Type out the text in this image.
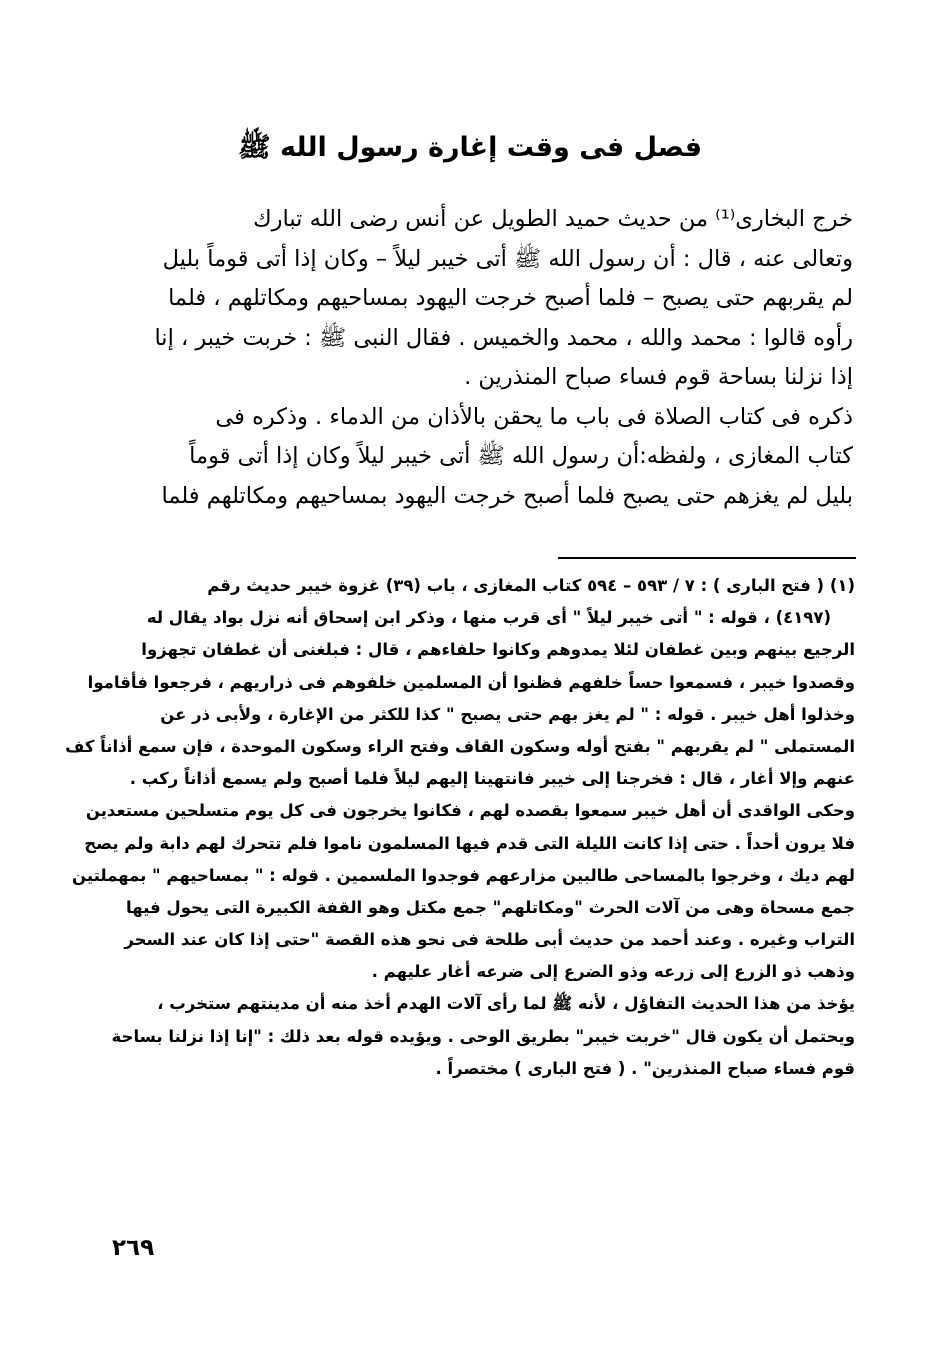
فصل فى وقت إغارة رسول الله ﷺ
خرج البخارى⁽¹⁾ من حديث حميد الطويل عن أنس رضى الله تبارك
وتعالى عنه ، قال : أن رسول الله ﷺ أتى خيبر ليلاً – وكان إذا أتى قوماً بليل
لم يقربهم حتى يصبح – فلما أصبح خرجت اليهود بمساحيهم ومكاتلهم ، فلما
رأوه قالوا : محمد والله ، محمد والخميس . فقال النبى ﷺ : خربت خيبر ، إنا
إذا نزلنا بساحة قوم فساء صباح المنذرين .
ذكره فى كتاب الصلاة فى باب ما يحقن بالأذان من الدماء . وذكره فى
كتاب المغازى ، ولفظه:أن رسول الله ﷺ أتى خيبر ليلاً وكان إذا أتى قوماً
بليل لم يغزهم حتى يصبح فلما أصبح خرجت اليهود بمساحيهم ومكاتلهم فلما
(١) ( فتح البارى ) : ٧ / ٥٩٣ – ٥٩٤ كتاب المغازى ، باب (٣٩) غزوة خيبر حديث رقم
(٤١٩٧) ، قوله : " أتى خيبر ليلاً " أى قرب منها ، وذكر ابن إسحاق أنه نزل بواد يقال له
الرجيع بينهم وبين غطفان لئلا يمدوهم وكانوا حلفاءهم ، قال : فبلغنى أن غطفان تجهزوا
وقصدوا خيبر ، فسمعوا حساً خلفهم فظنوا أن المسلمين خلفوهم فى ذراريهم ، فرجعوا فأقاموا
وخذلوا أهل خيبر . قوله : " لم يغز بهم حتى يصبح " كذا للكثر من الإغارة ، ولأبى ذر عن
المستملى " لم يقربهم " بفتح أوله وسكون القاف وفتح الراء وسكون الموحدة ، فإن سمع أذاناً كف
عنهم وإلا أغار ، قال : فخرجنا إلى خيبر فانتهينا إليهم ليلاً فلما أصبح ولم يسمع أذاناً ركب .
وحكى الواقدى أن أهل خيبر سمعوا بقصده لهم ، فكانوا يخرجون فى كل يوم متسلحين مستعدين
فلا يرون أحداً . حتى إذا كانت الليلة التى قدم فيها المسلمون ناموا فلم تتحرك لهم دابة ولم يصح
لهم ديك ، وخرجوا بالمساحى طالبين مزارعهم فوجدوا الملسمين . قوله : " بمساحيهم " بمهملتين
جمع مسحاة وهى من آلات الحرث "ومكاتلهم" جمع مكتل وهو القفة الكبيرة التى يحول فيها
التراب وغيره . وعند أحمد من حديث أبى طلحة فى نحو هذه القصة "حتى إذا كان عند السحر
وذهب ذو الزرع إلى زرعه وذو الضرع إلى ضرعه أغار عليهم .
يؤخذ من هذا الحديث التفاؤل ، لأنه ﷺ لما رأى آلات الهدم أخذ منه أن مدينتهم ستخرب ،
ويحتمل أن يكون قال "خربت خيبر" بطريق الوحى . ويؤيده قوله بعد ذلك : "إنا إذا نزلنا بساحة
قوم فساء صباح المنذرين" . ( فتح البارى ) مختصراً .
٢٦٩
